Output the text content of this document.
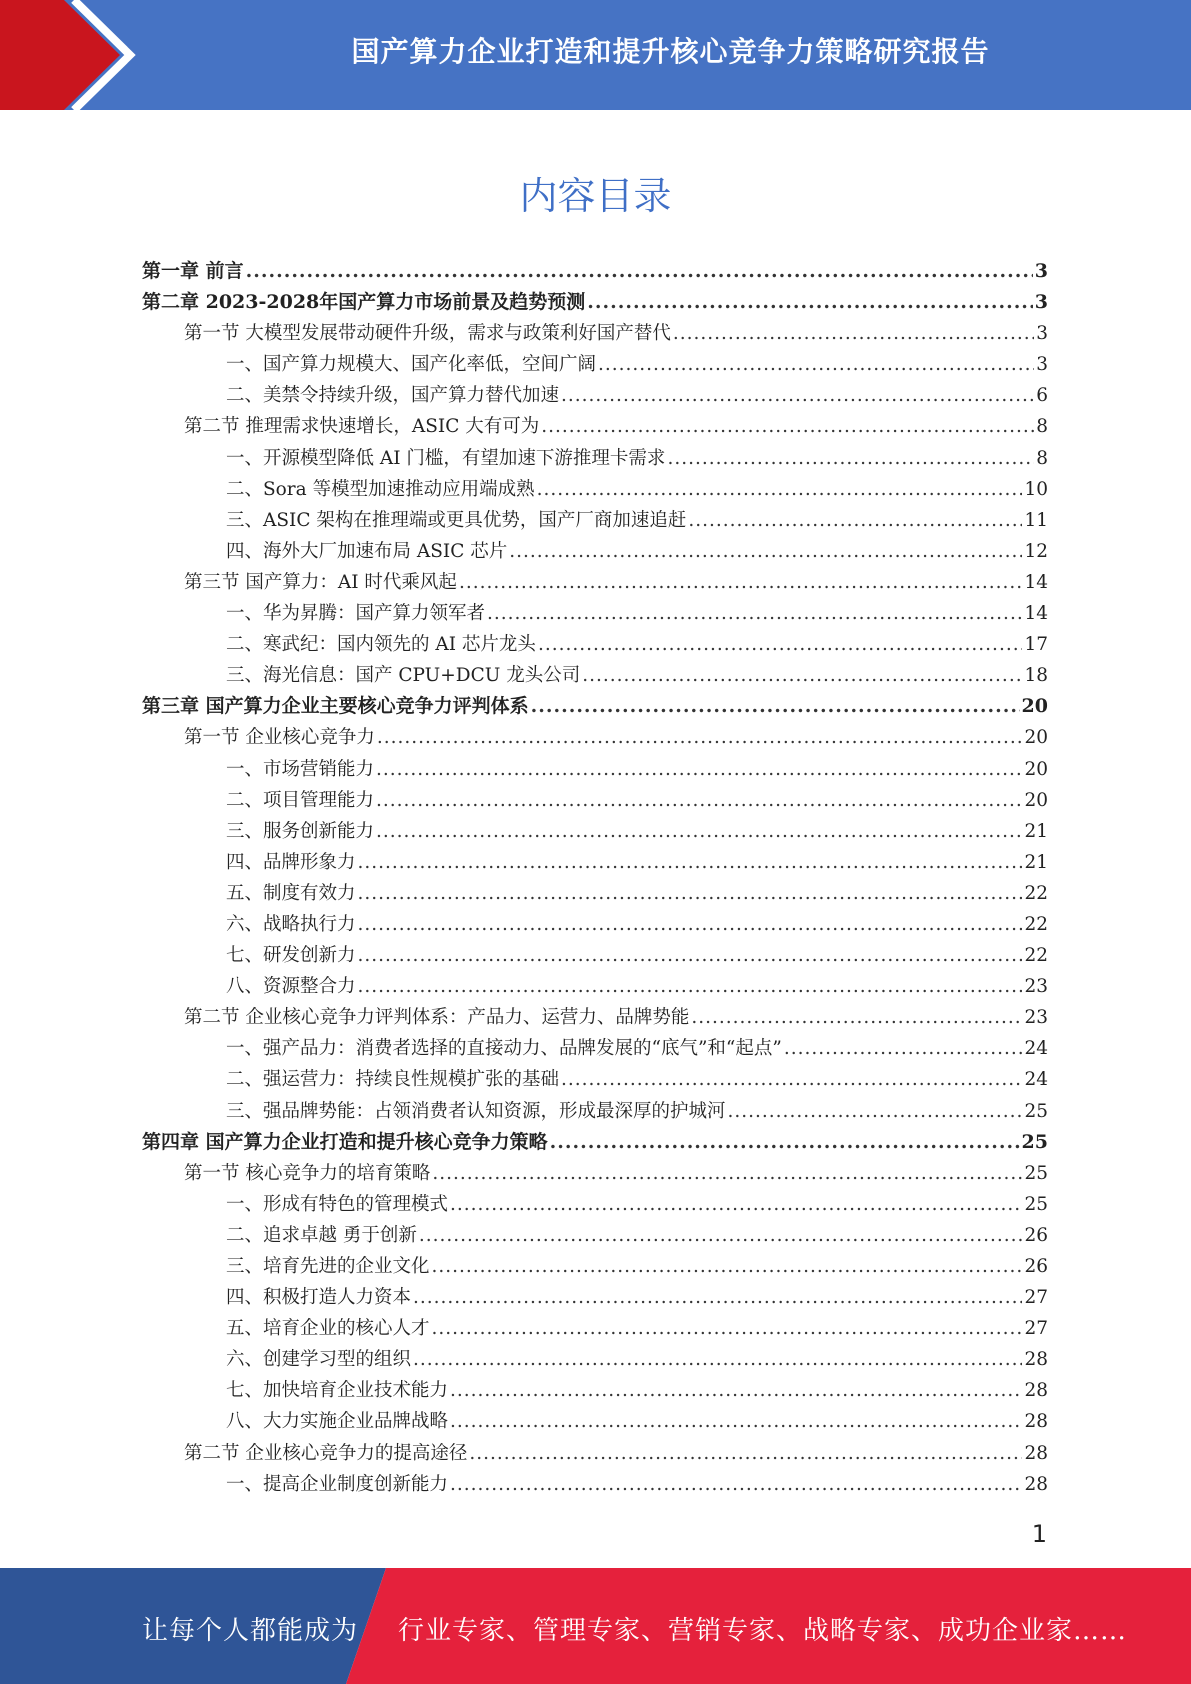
国产算力企业打造和提升核心竞争力策略研究报告
内容目录
第一章 前言 .....	3
第二章 2023-2028年国产算力市场前景及趋势预测 .....	3
第一节 大模型发展带动硬件升级，需求与政策利好国产替代 .....	3
一、国产算力规模大、国产化率低，空间广阔 .....	3
二、美禁令持续升级，国产算力替代加速 .....	6
第二节 推理需求快速增长，ASIC 大有可为 .....	8
一、开源模型降低 AI 门槛，有望加速下游推理卡需求 .....	8
二、Sora 等模型加速推动应用端成熟 .....	10
三、ASIC 架构在推理端或更具优势，国产厂商加速追赶 .....	11
四、海外大厂加速布局 ASIC 芯片 .....	12
第三节 国产算力：AI 时代乘风起 .....	14
一、华为昇腾：国产算力领军者 .....	14
二、寒武纪：国内领先的 AI 芯片龙头 .....	17
三、海光信息：国产 CPU+DCU 龙头公司 .....	18
第三章 国产算力企业主要核心竞争力评判体系 .....	20
第一节 企业核心竞争力 .....	20
一、市场营销能力 .....	20
二、项目管理能力 .....	20
三、服务创新能力 .....	21
四、品牌形象力 .....	21
五、制度有效力 .....	22
六、战略执行力 .....	22
七、研发创新力 .....	22
八、资源整合力 .....	23
第二节 企业核心竞争力评判体系：产品力、运营力、品牌势能 .....	23
一、强产品力：消费者选择的直接动力、品牌发展的“底气”和“起点” .....	24
二、强运营力：持续良性规模扩张的基础 .....	24
三、强品牌势能：占领消费者认知资源，形成最深厚的护城河 .....	25
第四章 国产算力企业打造和提升核心竞争力策略 .....	25
第一节 核心竞争力的培育策略 .....	25
一、形成有特色的管理模式 .....	25
二、追求卓越 勇于创新 .....	26
三、培育先进的企业文化 .....	26
四、积极打造人力资本 .....	27
五、培育企业的核心人才 .....	27
六、创建学习型的组织 .....	28
七、加快培育企业技术能力 .....	28
八、大力实施企业品牌战略 .....	28
第二节 企业核心竞争力的提高途径 .....	28
一、提高企业制度创新能力 .....	28
1
让每个人都能成为 行业专家、管理专家、营销专家、战略专家、成功企业家……
